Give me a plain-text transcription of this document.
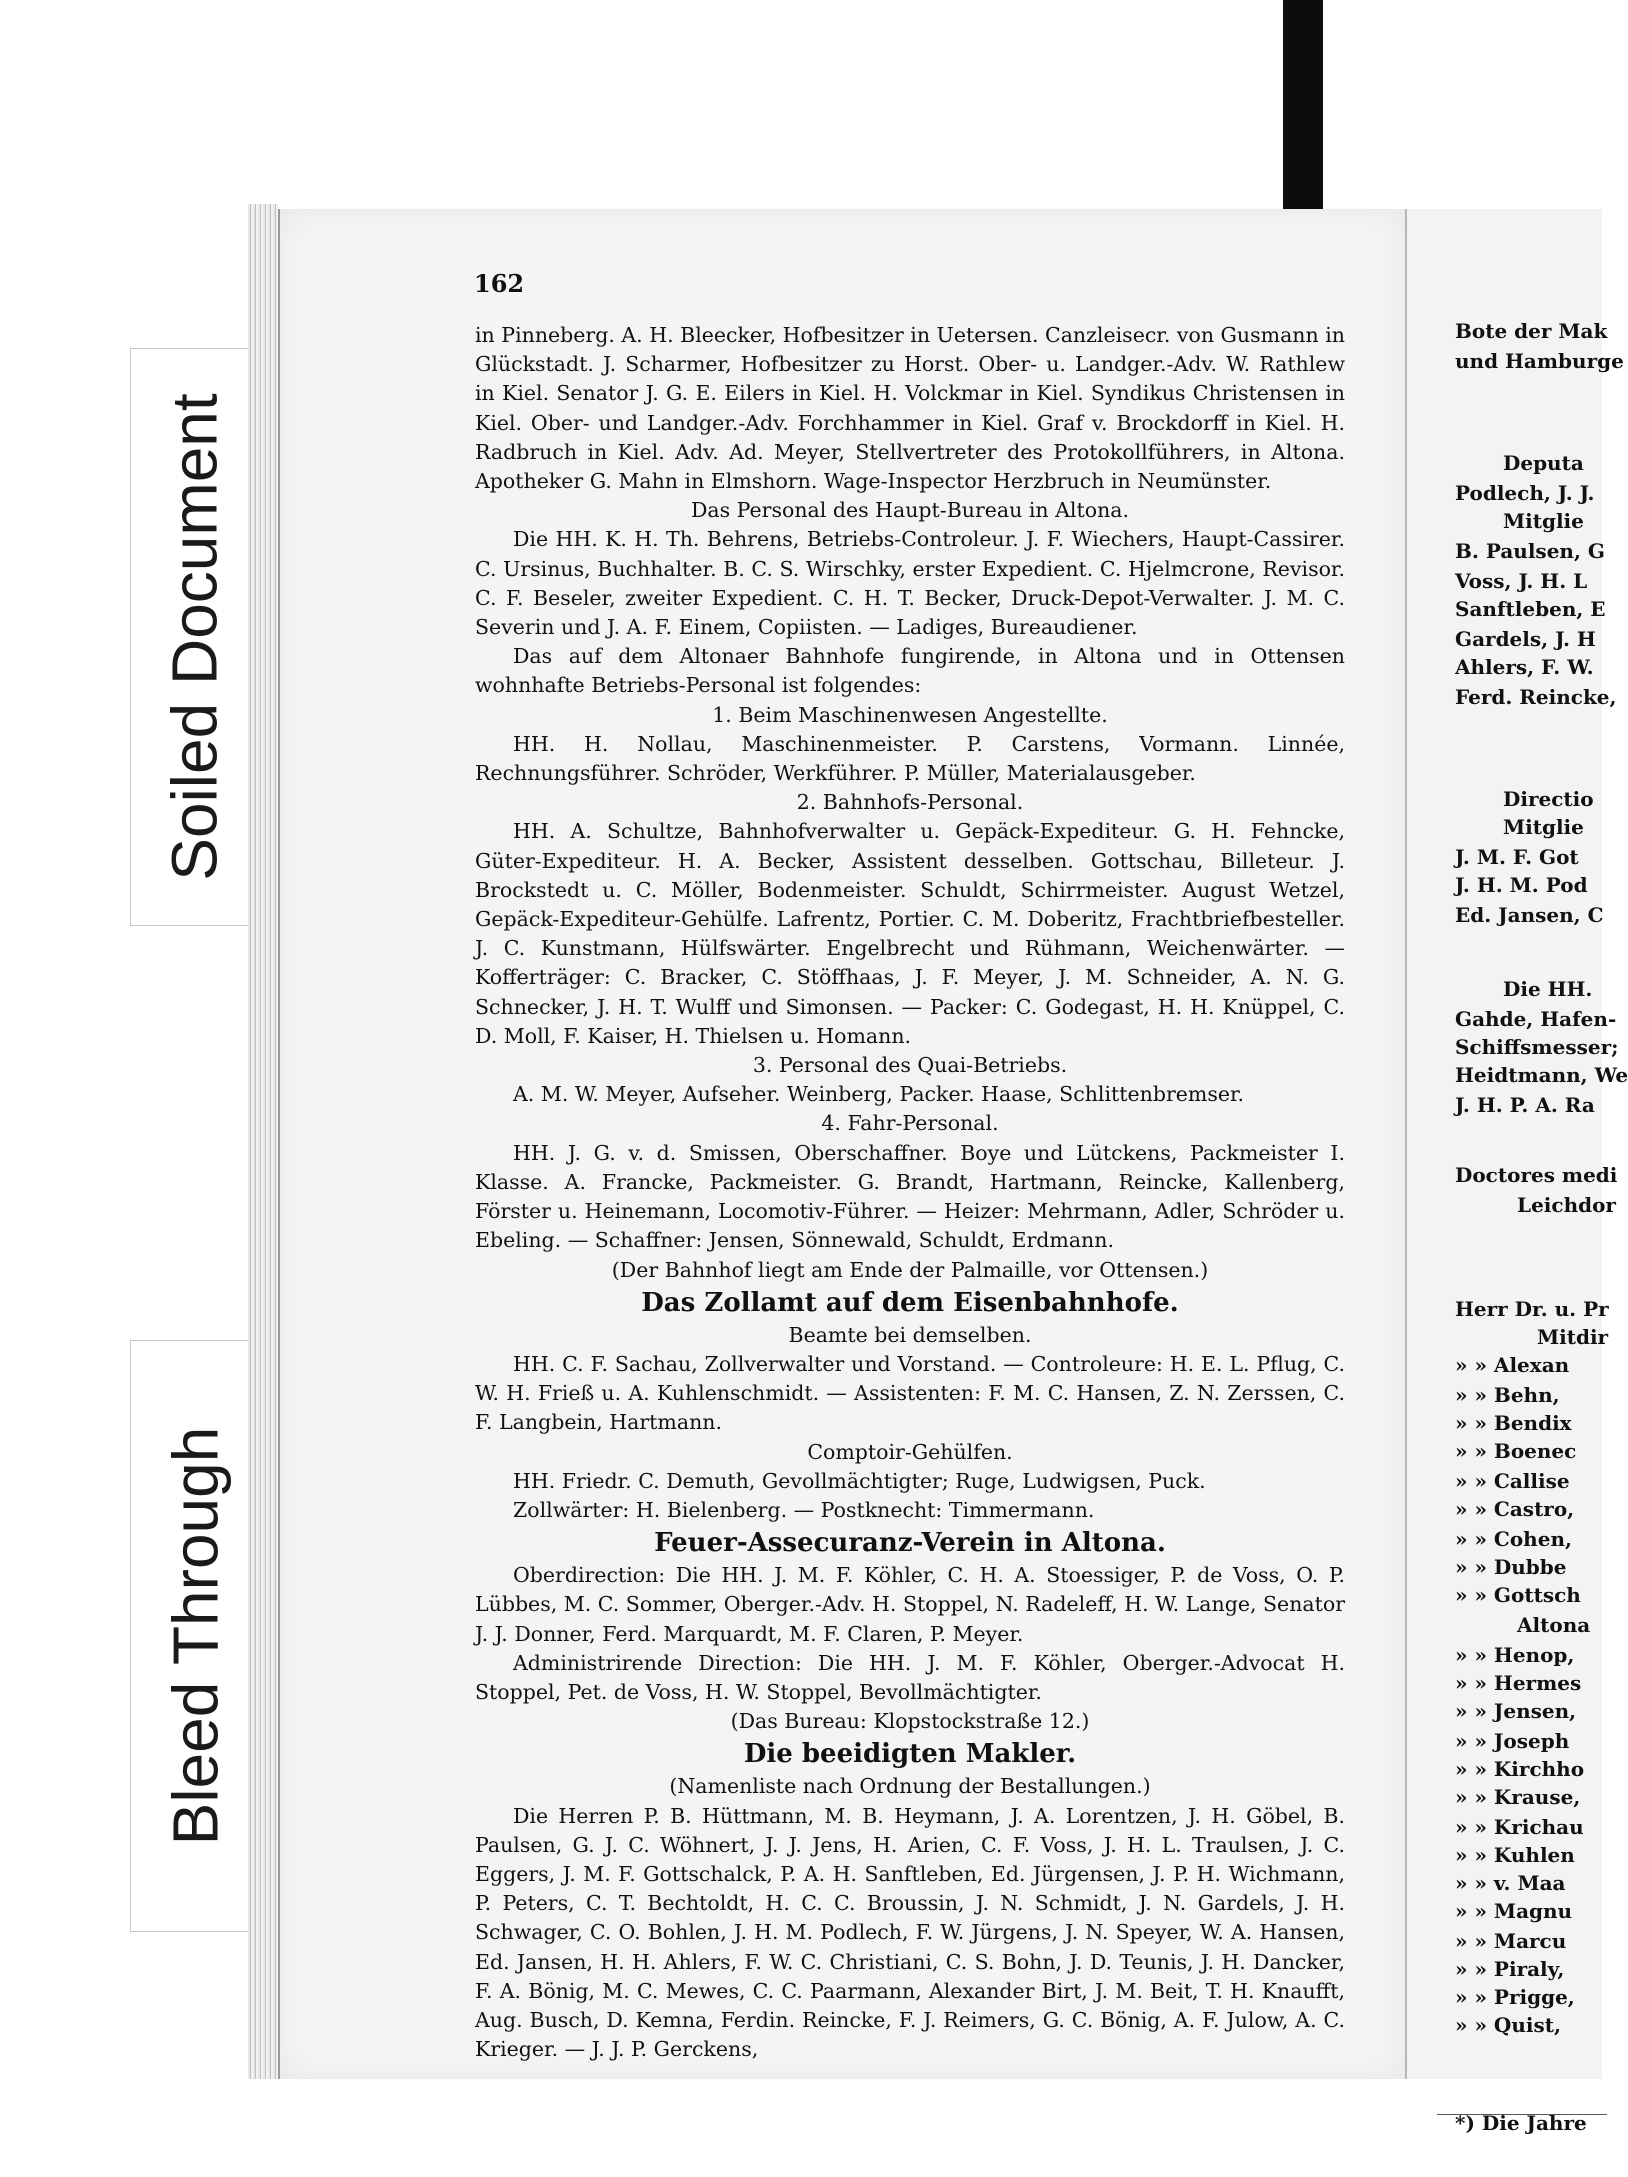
Soiled Document
Bleed Through
162

in Pinneberg. A. H. Bleecker, Hofbesitzer in Uetersen. Canzleisecr. von Gusmann in Glückstadt. J. Scharmer, Hofbesitzer zu Horst. Ober- u. Landger.-Adv. W. Rathlew in Kiel. Senator J. G. E. Eilers in Kiel. H. Volckmar in Kiel. Syndikus Christensen in Kiel. Ober- und Landger.-Adv. Forchhammer in Kiel. Graf v. Brockdorff in Kiel. H. Radbruch in Kiel. Adv. Ad. Meyer, Stellvertreter des Protokollführers, in Altona. Apotheker G. Mahn in Elmshorn. Wage-Inspector Herzbruch in Neumünster.

Das Personal des Haupt-Bureau in Altona.

Die HH. K. H. Th. Behrens, Betriebs-Controleur. J. F. Wiechers, Haupt-Cassirer. C. Ursinus, Buchhalter. B. C. S. Wirschky, erster Expedient. C. Hjelmcrone, Revisor. C. F. Beseler, zweiter Expedient. C. H. T. Becker, Druck-Depot-Verwalter. J. M. C. Severin und J. A. F. Einem, Copiisten. — Ladiges, Bureaudiener.

Das auf dem Altonaer Bahnhofe fungirende, in Altona und in Ottensen wohnhafte Betriebs-Personal ist folgendes:

1. Beim Maschinenwesen Angestellte.

HH. H. Nollau, Maschinenmeister. P. Carstens, Vormann. Linnée, Rechnungsführer. Schröder, Werkführer. P. Müller, Materialausgeber.

2. Bahnhofs-Personal.

HH. A. Schultze, Bahnhofverwalter u. Gepäck-Expediteur. G. H. Fehncke, Güter-Expediteur. H. A. Becker, Assistent desselben. Gottschau, Billeteur. J. Brockstedt u. C. Möller, Bodenmeister. Schuldt, Schirrmeister. August Wetzel, Gepäck-Expediteur-Gehülfe. Lafrentz, Portier. C. M. Doberitz, Frachtbriefbesteller. J. C. Kunstmann, Hülfswärter. Engelbrecht und Rühmann, Weichenwärter. — Kofferträger: C. Bracker, C. Stöffhaas, J. F. Meyer, J. M. Schneider, A. N. G. Schnecker, J. H. T. Wulff und Simonsen. — Packer: C. Godegast, H. H. Knüppel, C. D. Moll, F. Kaiser, H. Thielsen u. Homann.

3. Personal des Quai-Betriebs.

A. M. W. Meyer, Aufseher. Weinberg, Packer. Haase, Schlittenbremser.

4. Fahr-Personal.

HH. J. G. v. d. Smissen, Oberschaffner. Boye und Lütckens, Packmeister I. Klasse. A. Francke, Packmeister. G. Brandt, Hartmann, Reincke, Kallenberg, Förster u. Heinemann, Locomotiv-Führer. — Heizer: Mehrmann, Adler, Schröder u. Ebeling. — Schaffner: Jensen, Sönnewald, Schuldt, Erdmann.

(Der Bahnhof liegt am Ende der Palmaille, vor Ottensen.)

Das Zollamt auf dem Eisenbahnhofe.

Beamte bei demselben.

HH. C. F. Sachau, Zollverwalter und Vorstand. — Controleure: H. E. L. Pflug, C. W. H. Frieß u. A. Kuhlenschmidt. — Assistenten: F. M. C. Hansen, Z. N. Zerssen, C. F. Langbein, Hartmann.

Comptoir-Gehülfen.

HH. Friedr. C. Demuth, Gevollmächtigter; Ruge, Ludwigsen, Puck.

Zollwärter: H. Bielenberg. — Postknecht: Timmermann.

Feuer-Assecuranz-Verein in Altona.

Oberdirection: Die HH. J. M. F. Köhler, C. H. A. Stoessiger, P. de Voss, O. P. Lübbes, M. C. Sommer, Oberger.-Adv. H. Stoppel, N. Radeleff, H. W. Lange, Senator J. J. Donner, Ferd. Marquardt, M. F. Claren, P. Meyer.

Administrirende Direction: Die HH. J. M. F. Köhler, Oberger.-Advocat H. Stoppel, Pet. de Voss, H. W. Stoppel, Bevollmächtigter.

(Das Bureau: Klopstockstraße 12.)

Die beeidigten Makler.

(Namenliste nach Ordnung der Bestallungen.)

Die Herren P. B. Hüttmann, M. B. Heymann, J. A. Lorentzen, J. H. Göbel, B. Paulsen, G. J. C. Wöhnert, J. J. Jens, H. Arien, C. F. Voss, J. H. L. Traulsen, J. C. Eggers, J. M. F. Gottschalck, P. A. H. Sanftleben, Ed. Jürgensen, J. P. H. Wichmann, P. Peters, C. T. Bechtoldt, H. C. C. Broussin, J. N. Schmidt, J. N. Gardels, J. H. Schwager, C. O. Bohlen, J. H. M. Podlech, F. W. Jürgens, J. N. Speyer, W. A. Hansen, Ed. Jansen, H. H. Ahlers, F. W. C. Christiani, C. S. Bohn, J. D. Teunis, J. H. Dancker, F. A. Bönig, M. C. Mewes, C. C. Paarmann, Alexander Birt, J. M. Beit, T. H. Knaufft, Aug. Busch, D. Kemna, Ferdin. Reincke, F. J. Reimers, G. C. Bönig, A. F. Julow, A. C. Krieger. — J. J. P. Gerckens,

Bote der Mak
und Hamburge
Deputa
Podlech, J. J.
Mitglie
B. Paulsen, G
Voss, J. H. L
Sanftleben, E
Gardels, J. H
Ahlers, F. W.
Ferd. Reincke,
Directio
Mitglie
J. M. F. Got
J. H. M. Pod
Ed. Jansen, C
Die HH.
Gahde, Hafen-
Schiffsmesser;
Heidtmann, We
J. H. P. A. Ra
Doctores medi
Leichdor
Herr Dr. u. Pr
Mitdir
» » Alexan
» » Behn,
» » Bendix
» » Boenec
» » Callise
» » Castro,
» » Cohen,
» » Dubbe
» » Gottsch
Altona
» » Henop,
» » Hermes
» » Jensen,
» » Joseph
» » Kirchho
» » Krause,
» » Krichau
» » Kuhlen
» » v. Maa
» » Magnu
» » Marcu
» » Piraly,
» » Prigge,
» » Quist,
*) Die Jahre
